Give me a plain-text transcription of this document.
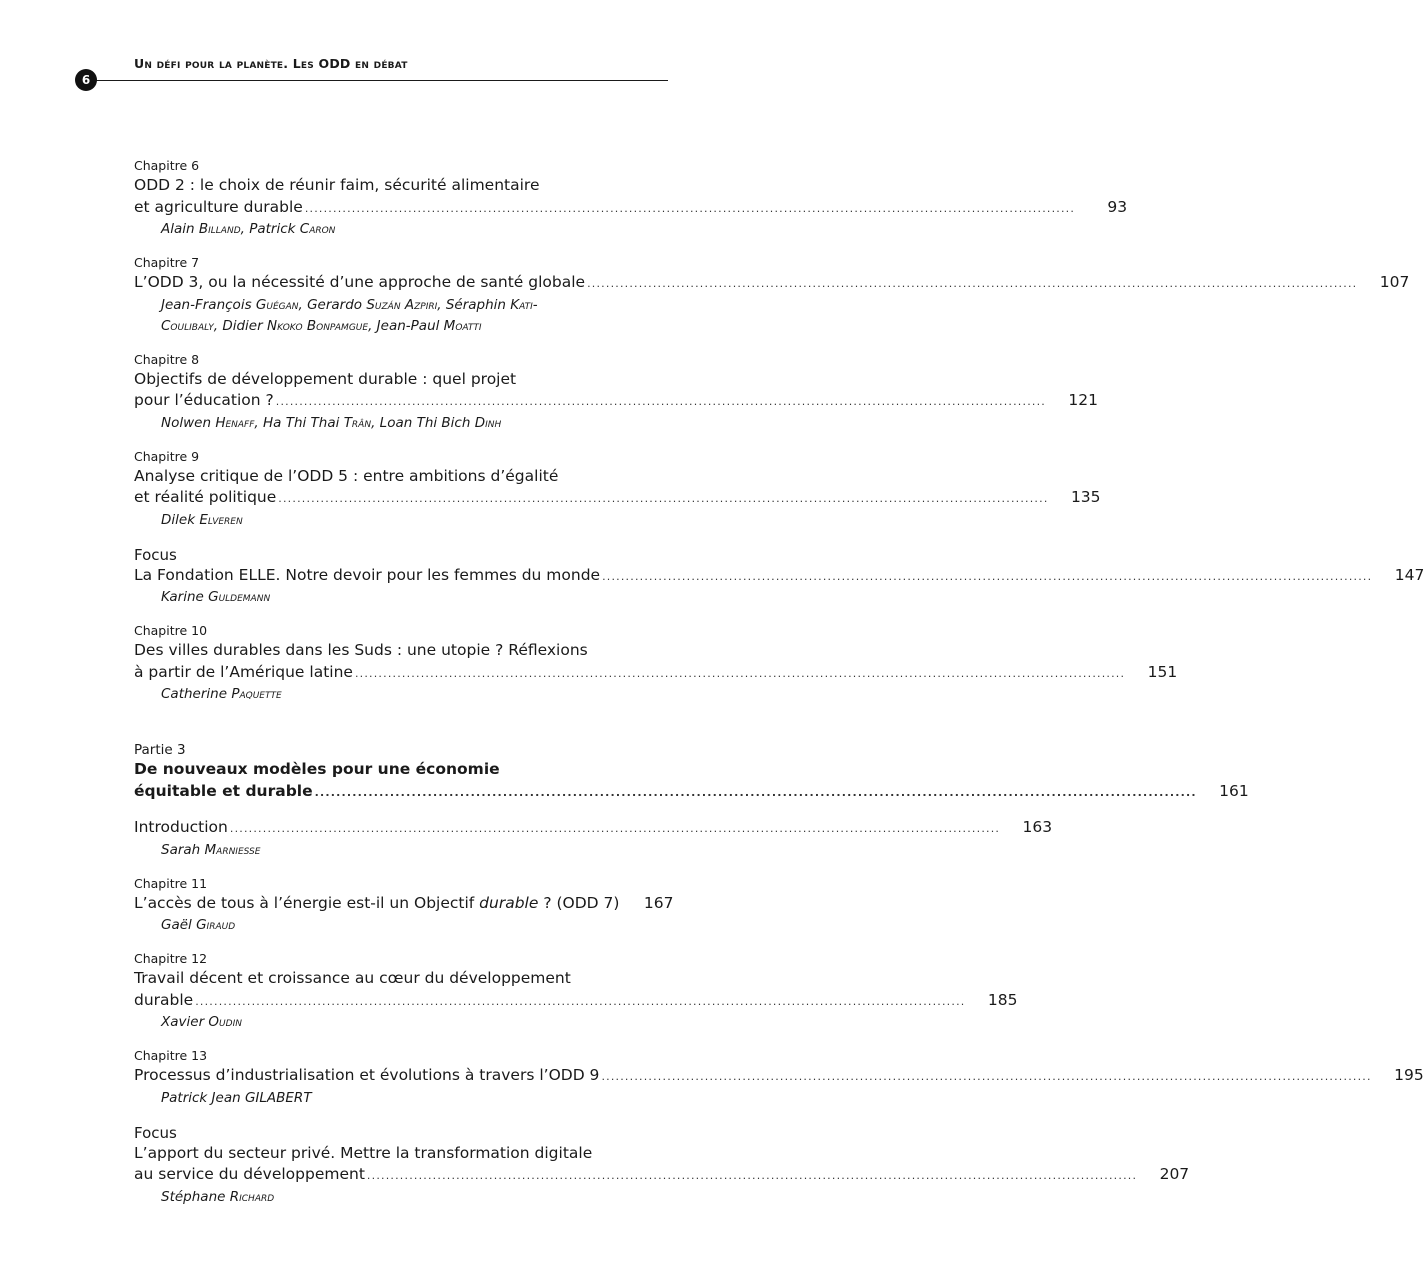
Un défi pour la planète. Les ODD en débat
6
Chapitre 6
ODD 2 : le choix de réunir faim, sécurité alimentaire
et agriculture durable ....................................................................................................................................................................	93
Alain Billand, Patrick Caron
Chapitre 7
L’ODD 3, ou la nécessité d’une approche de santé globale ....................................................................................................................................................................	107
Jean-François Guégan, Gerardo Suzán Azpiri, Séraphin Kati-
Coulibaly, Didier Nkoko Bonpamgue, Jean-Paul Moatti
Chapitre 8
Objectifs de développement durable : quel projet
pour l’éducation ? ....................................................................................................................................................................	121
Nolwen Henaff, Ha Thi Thai Trân, Loan Thi Bich Dinh
Chapitre 9
Analyse critique de l’ODD 5 : entre ambitions d’égalité
et réalité politique ....................................................................................................................................................................	135
Dilek Elveren
Focus
La Fondation ELLE. Notre devoir pour les femmes du monde ....................................................................................................................................................................	147
Karine Guldemann
Chapitre 10
Des villes durables dans les Suds : une utopie ? Réflexions
à partir de l’Amérique latine ....................................................................................................................................................................	151
Catherine Paquette
Partie 3
De nouveaux modèles pour une économie
équitable et durable ....................................................................................................................................................................	161
Introduction ....................................................................................................................................................................	163
Sarah Marniesse
Chapitre 11
L’accès de tous à l’énergie est-il un Objectif durable ? (ODD 7)	167
Gaël Giraud
Chapitre 12
Travail décent et croissance au cœur du développement
durable ....................................................................................................................................................................	185
Xavier Oudin
Chapitre 13
Processus d’industrialisation et évolutions à travers l’ODD 9 ....................................................................................................................................................................	195
Patrick Jean GILABERT
Focus
L’apport du secteur privé. Mettre la transformation digitale
au service du développement ....................................................................................................................................................................	207
Stéphane Richard
